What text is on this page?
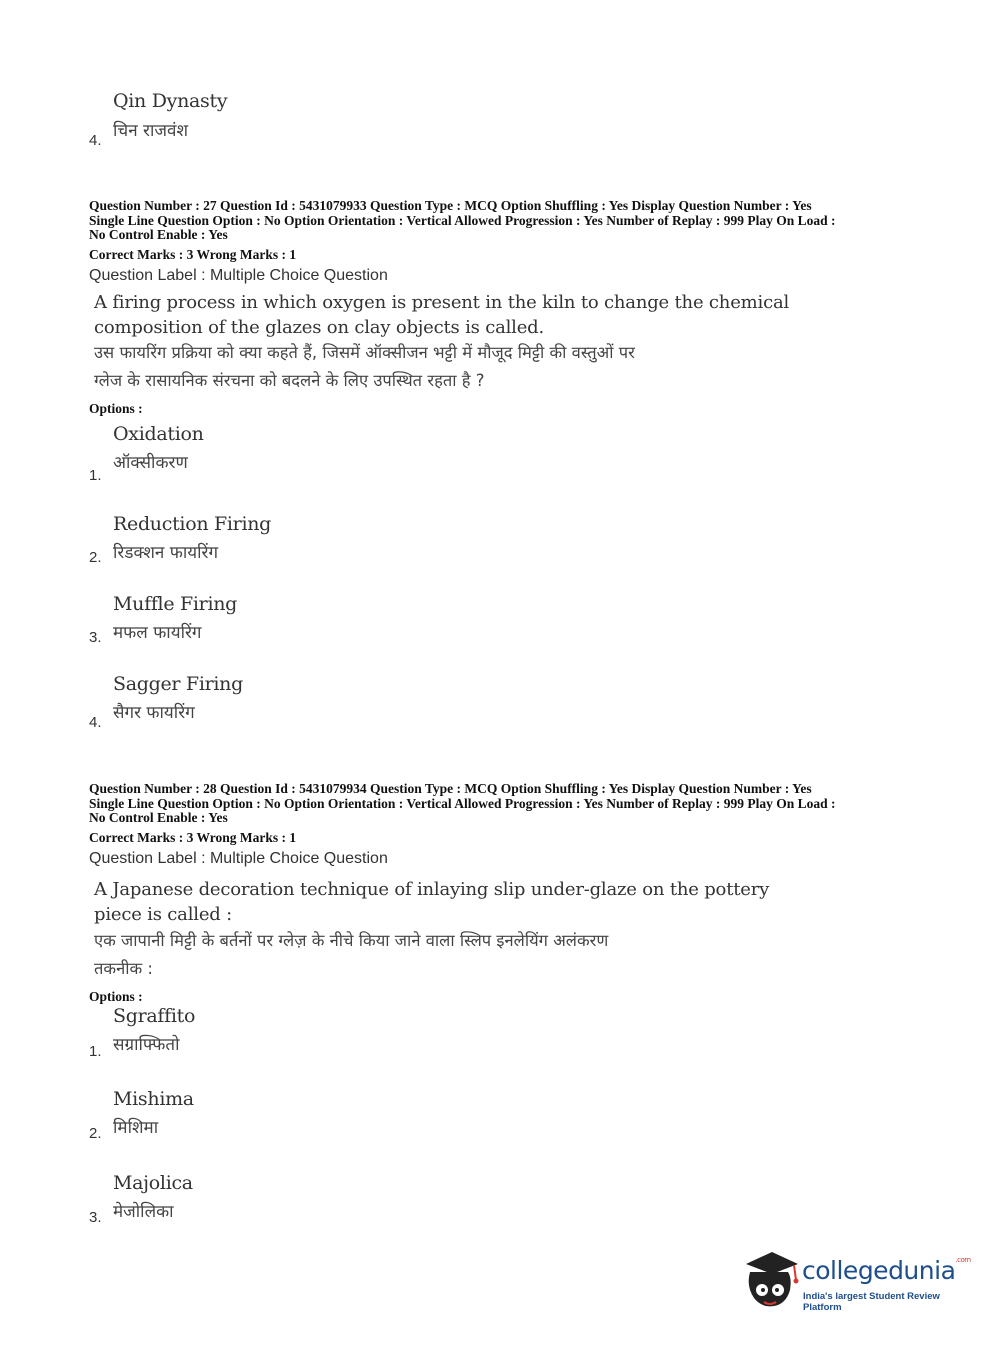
Qin Dynasty
चिन राजवंश
4.
Question Number : 27 Question Id : 5431079933 Question Type : MCQ Option Shuffling : Yes Display Question Number : Yes
Single Line Question Option : No Option Orientation : Vertical Allowed Progression : Yes Number of Replay : 999 Play On Load :
No Control Enable : Yes
Correct Marks : 3 Wrong Marks : 1
Question Label : Multiple Choice Question
A firing process in which oxygen is present in the kiln to change the chemical
composition of the glazes on clay objects is called.
उस फायरिंग प्रक्रिया को क्या कहते हैं, जिसमें ऑक्सीजन भट्टी में मौजूद मिट्टी की वस्तुओं पर
ग्लेज के रासायनिक संरचना को बदलने के लिए उपस्थित रहता है ?
Options :
Oxidation
ऑक्सीकरण
1.
Reduction Firing
रिडक्शन फायरिंग
2.
Muffle Firing
मफल फायरिंग
3.
Sagger Firing
सैगर फायरिंग
4.
Question Number : 28 Question Id : 5431079934 Question Type : MCQ Option Shuffling : Yes Display Question Number : Yes
Single Line Question Option : No Option Orientation : Vertical Allowed Progression : Yes Number of Replay : 999 Play On Load :
No Control Enable : Yes
Correct Marks : 3 Wrong Marks : 1
Question Label : Multiple Choice Question
A Japanese decoration technique of inlaying slip under-glaze on the pottery
piece is called :
एक जापानी मिट्टी के बर्तनों पर ग्लेज़ के नीचे किया जाने वाला स्लिप इनलेयिंग अलंकरण
तकनीक :
Options :
Sgraffito
सग्राफ्फितो
1.
Mishima
मिशिमा
2.
Majolica
मेजोलिका
3.
collegedunia$^{.com}$
India's largest Student Review Platform
